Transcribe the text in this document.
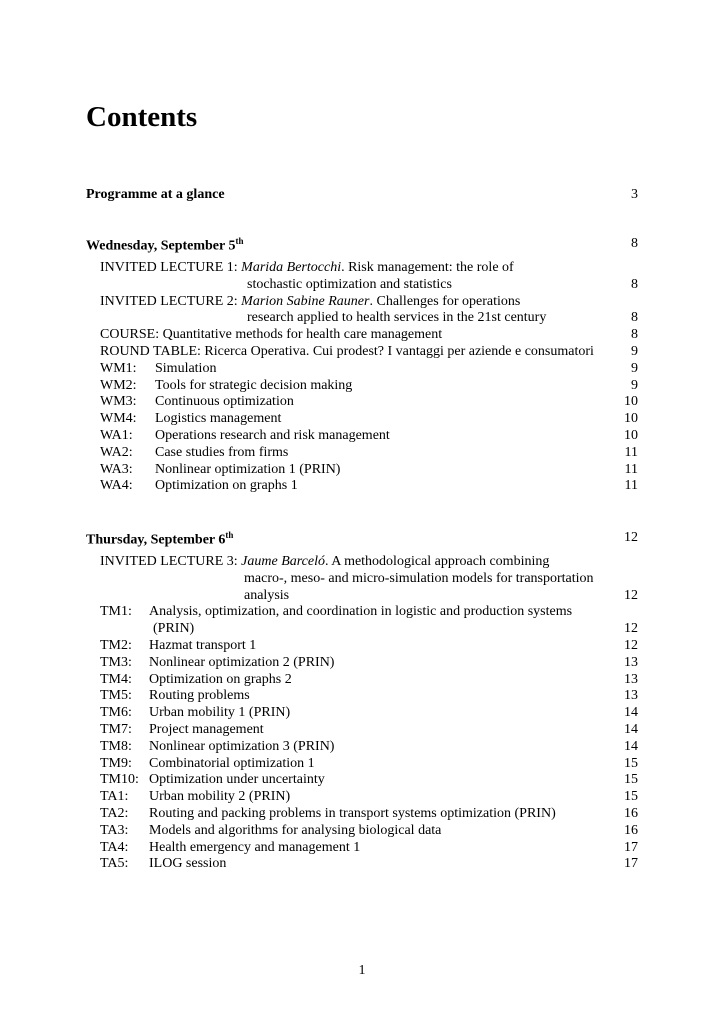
Contents
Programme at a glance	3
Wednesday, September 5th	8
INVITED LECTURE 1: Marida Bertocchi. Risk management: the role of
stochastic optimization and statistics	8
INVITED LECTURE 2: Marion Sabine Rauner. Challenges for operations
research applied to health services in the 21st century	8
COURSE: Quantitative methods for health care management	8
ROUND TABLE: Ricerca Operativa. Cui prodest? I vantaggi per aziende e consumatori	9
WM1: Simulation	9
WM2: Tools for strategic decision making	9
WM3: Continuous optimization	10
WM4: Logistics management	10
WA1: Operations research and risk management	10
WA2: Case studies from firms	11
WA3: Nonlinear optimization 1 (PRIN)	11
WA4: Optimization on graphs 1	11
Thursday, September 6th	12
INVITED LECTURE 3: Jaume Barceló. A methodological approach combining
macro-, meso- and micro-simulation models for transportation
analysis	12
TM1: Analysis, optimization, and coordination in logistic and production systems
(PRIN)	12
TM2: Hazmat transport 1	12
TM3: Nonlinear optimization 2 (PRIN)	13
TM4: Optimization on graphs 2	13
TM5: Routing problems	13
TM6: Urban mobility 1 (PRIN)	14
TM7: Project management	14
TM8: Nonlinear optimization 3 (PRIN)	14
TM9: Combinatorial optimization 1	15
TM10: Optimization under uncertainty	15
TA1: Urban mobility 2 (PRIN)	15
TA2: Routing and packing problems in transport systems optimization (PRIN)	16
TA3: Models and algorithms for analysing biological data	16
TA4: Health emergency and management 1	17
TA5: ILOG session	17
1
